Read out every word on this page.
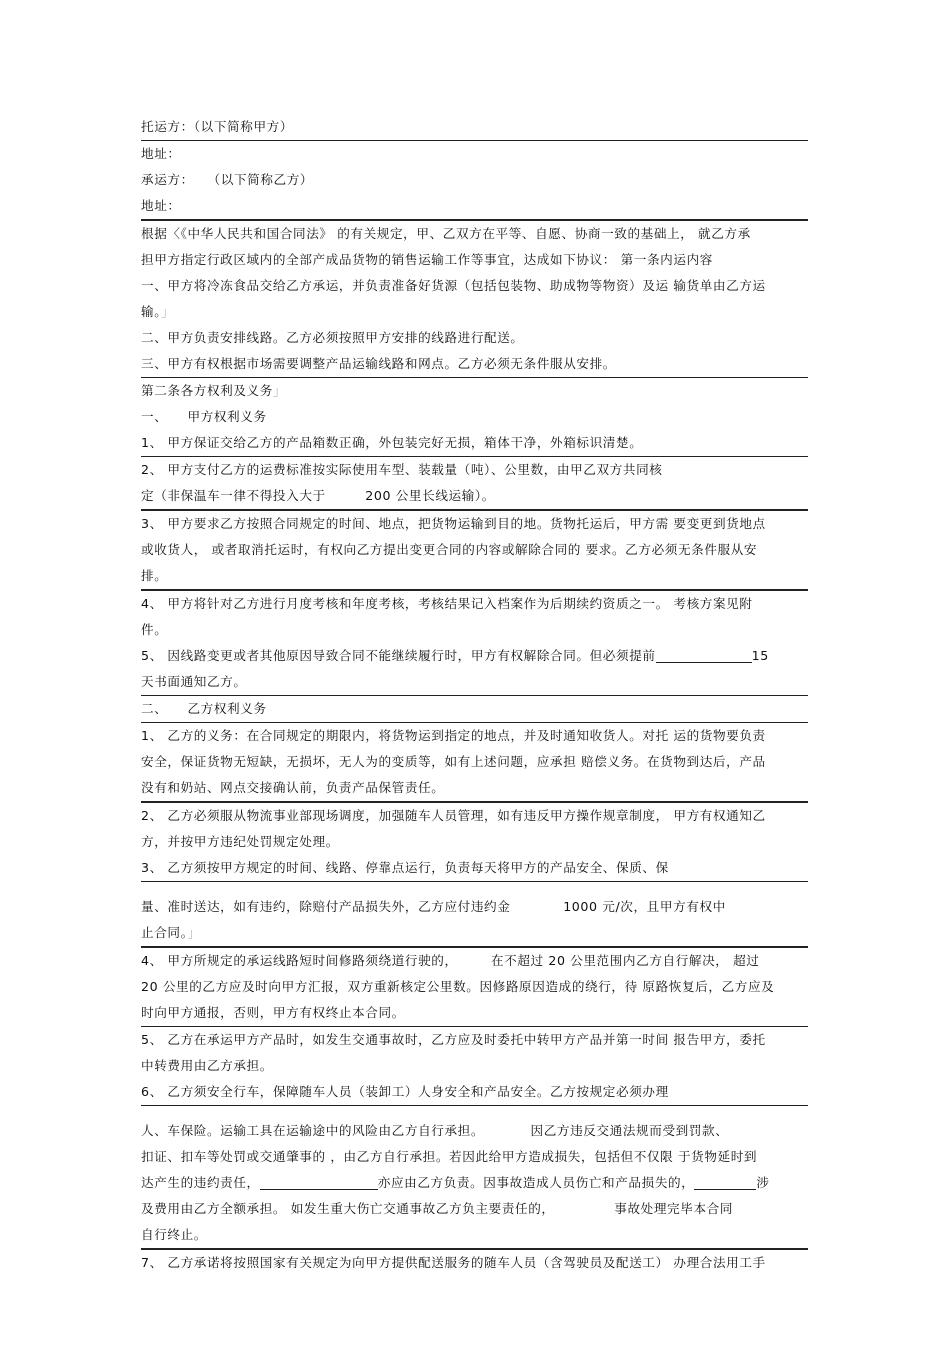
托运方：（以下简称甲方）
地址：
承运方：　　（以下简称乙方）
地址：
根据〈《中华人民共和国合同法》 的有关规定，甲、乙双方在平等、自愿、协商一致的基础上， 就乙方承
担甲方指定行政区域内的全部产成品货物的销售运输工作等事宜，达成如下协议： 第一条内运内容
一、甲方将冷冻食品交给乙方承运，并负责准备好货源（包括包装物、助成物等物资）及运 输货单由乙方运
输。」
二、甲方负责安排线路。乙方必须按照甲方安排的线路进行配送。
三、甲方有权根据市场需要调整产品运输线路和网点。乙方必须无条件服从安排。
第二条各方权利及义务」
一、　　甲方权利义务
1、 甲方保证交给乙方的产品箱数正确，外包装完好无损，箱体干净，外箱标识清楚。
2、 甲方支付乙方的运费标准按实际使用车型、装载量（吨）、公里数，由甲乙双方共同核
定（非保温车一律不得投入大于　　　200 公里长线运输）。
3、 甲方要求乙方按照合同规定的时间、地点，把货物运输到目的地。货物托运后，甲方需 要变更到货地点
或收货人， 或者取消托运时，有权向乙方提出变更合同的内容或解除合同的 要求。乙方必须无条件服从安
排。
4、 甲方将针对乙方进行月度考核和年度考核，考核结果记入档案作为后期续约资质之一。 考核方案见附
件。
5、 因线路变更或者其他原因导致合同不能继续履行时，甲方有权解除合同。但必须提前	15
天书面通知乙方。
二、　　乙方权利义务
1、 乙方的义务：在合同规定的期限内，将货物运到指定的地点，并及时通知收货人。对托 运的货物要负责
安全，保证货物无短缺，无损坏，无人为的变质等，如有上述问题，应承担 赔偿义务。在货物到达后，产品
没有和奶站、网点交接确认前，负责产品保管责任。
2、 乙方必须服从物流事业部现场调度，加强随车人员管理，如有违反甲方操作规章制度， 甲方有权通知乙
方，并按甲方违纪处罚规定处理。
3、 乙方须按甲方规定的时间、线路、停靠点运行，负责每天将甲方的产品安全、保质、保
量、准时送达，如有违约，除赔付产品损失外，乙方应付违约金　　　　1000 元/次，且甲方有权中
止合同。」
4、 甲方所规定的承运线路短时间修路须绕道行驶的，　　　在不超过 20 公里范围内乙方自行解决， 超过
20 公里的乙方应及时向甲方汇报，双方重新核定公里数。因修路原因造成的绕行，待 原路恢复后，乙方应及
时向甲方通报，否则，甲方有权终止本合同。
5、 乙方在承运甲方产品时，如发生交通事故时，乙方应及时委托中转甲方产品并第一时间 报告甲方，委托
中转费用由乙方承担。
6、 乙方须安全行车，保障随车人员（装卸工）人身安全和产品安全。乙方按规定必须办理
人、车保险。运输工具在运输途中的风险由乙方自行承担。　　　　因乙方违反交通法规而受到罚款、
扣证、扣车等处罚或交通肇事的 ，由乙方自行承担。若因此给甲方造成损失，包括但不仅限 于货物延时到
达产生的违约责任，	亦应由乙方负责。因事故造成人员伤亡和产品损失的，	涉
及费用由乙方全额承担。 如发生重大伤亡交通事故乙方负主要责任的，　　　　　事故处理完毕本合同
自行终止。
7、 乙方承诺将按照国家有关规定为向甲方提供配送服务的随车人员（含驾驶员及配送工） 办理合法用工手
